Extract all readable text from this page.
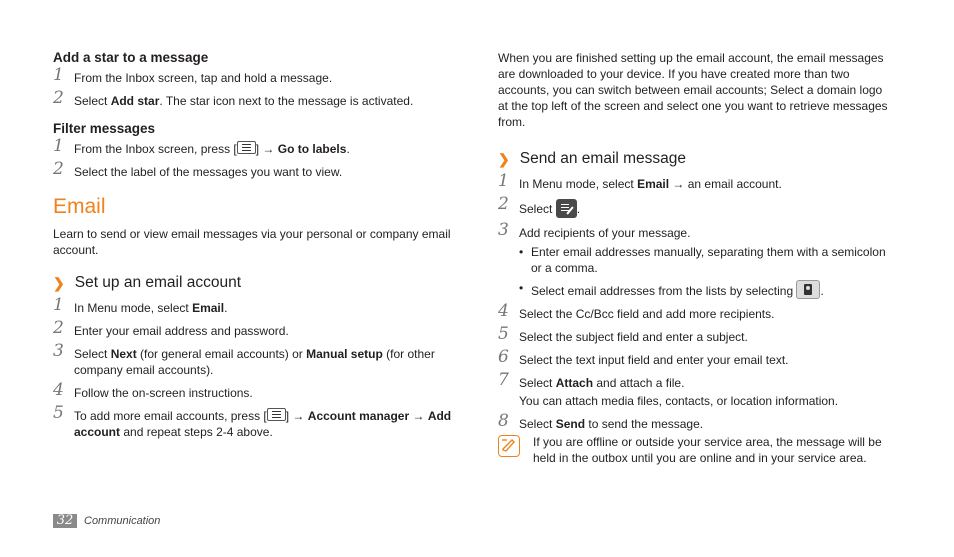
Add a star to a message
1 From the Inbox screen, tap and hold a message.
2 Select Add star. The star icon next to the message is activated.
Filter messages
1 From the Inbox screen, press [ ] → Go to labels.
2 Select the label of the messages you want to view.
Email
Learn to send or view email messages via your personal or company email account.
❯ Set up an email account
1 In Menu mode, select Email.
2 Enter your email address and password.
3 Select Next (for general email accounts) or Manual setup (for other company email accounts).
4 Follow the on-screen instructions.
5 To add more email accounts, press [ ] → Account manager → Add account and repeat steps 2-4 above.
When you are finished setting up the email account, the email messages are downloaded to your device. If you have created more than two accounts, you can switch between email accounts; Select a domain logo at the top left of the screen and select one you want to retrieve messages from.
❯ Send an email message
1 In Menu mode, select Email → an email account.
2 Select .
3 Add recipients of your message.
• Enter email addresses manually, separating them with a semicolon or a comma.
• Select email addresses from the lists by selecting .
4 Select the Cc/Bcc field and add more recipients.
5 Select the subject field and enter a subject.
6 Select the text input field and enter your email text.
7 Select Attach and attach a file.
You can attach media files, contacts, or location information.
8 Select Send to send the message.
If you are offline or outside your service area, the message will be held in the outbox until you are online and in your service area.
32 Communication
